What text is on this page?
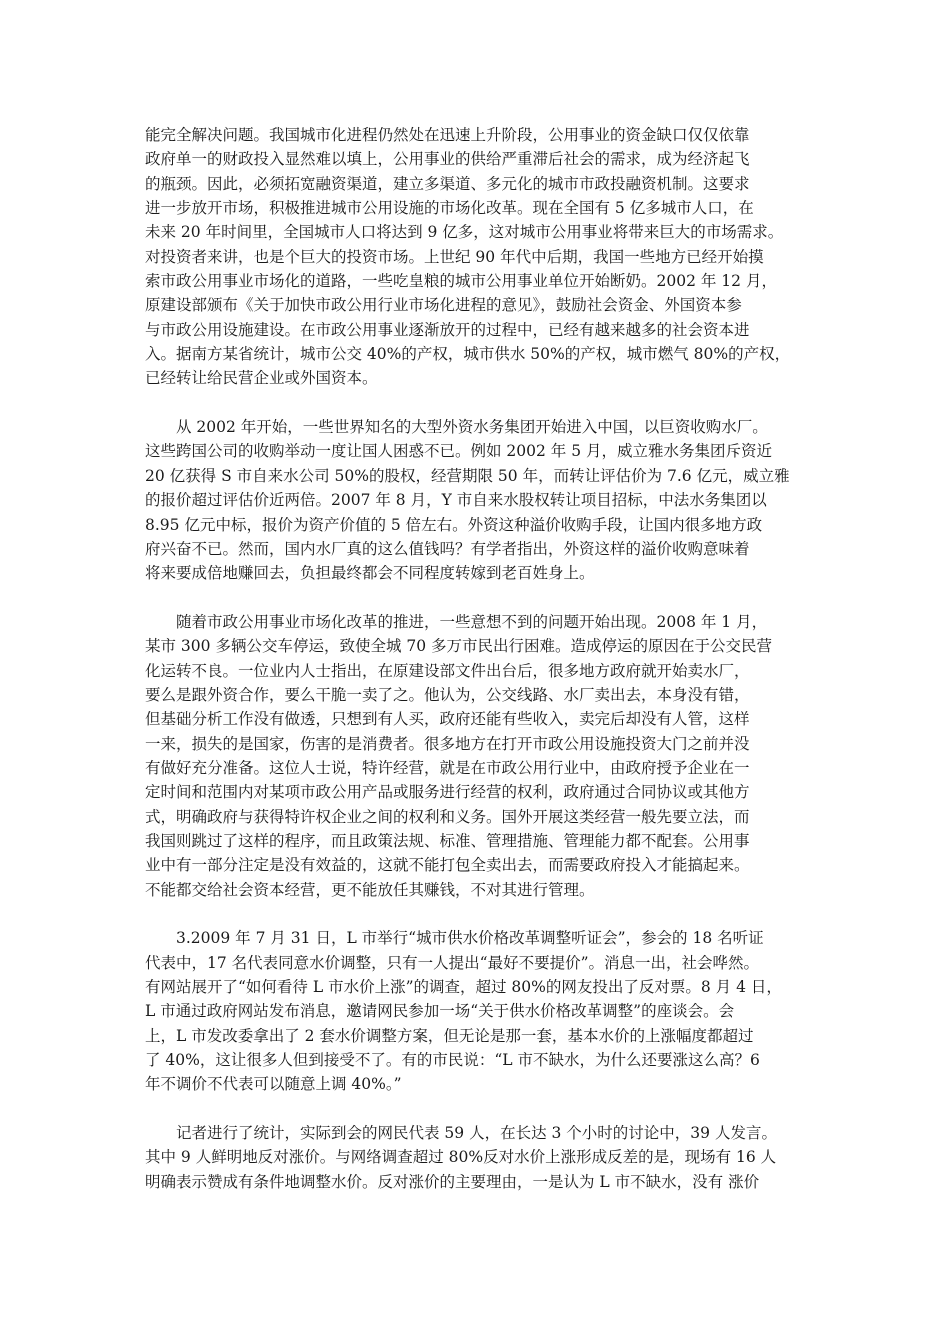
能完全解决问题。我国城市化进程仍然处在迅速上升阶段，公用事业的资金缺口仅仅依靠
政府单一的财政投入显然难以填上，公用事业的供给严重滞后社会的需求，成为经济起飞
的瓶颈。因此，必须拓宽融资渠道，建立多渠道、多元化的城市市政投融资机制。这要求
进一步放开市场，积极推进城市公用设施的市场化改革。现在全国有 5 亿多城市人口，在
未来 20 年时间里，全国城市人口将达到 9 亿多，这对城市公用事业将带来巨大的市场需求。
对投资者来讲，也是个巨大的投资市场。上世纪 90 年代中后期，我国一些地方已经开始摸
索市政公用事业市场化的道路，一些吃皇粮的城市公用事业单位开始断奶。2002 年 12 月，
原建设部颁布《关于加快市政公用行业市场化进程的意见》，鼓励社会资金、外国资本参
与市政公用设施建设。在市政公用事业逐渐放开的过程中，已经有越来越多的社会资本进
入。据南方某省统计，城市公交 40%的产权，城市供水 50%的产权，城市燃气 80%的产权，
已经转让给民营企业或外国资本。
　　从 2002 年开始，一些世界知名的大型外资水务集团开始进入中国，以巨资收购水厂。
这些跨国公司的收购举动一度让国人困惑不已。例如 2002 年 5 月，威立雅水务集团斥资近
20 亿获得 S 市自来水公司 50%的股权，经营期限 50 年，而转让评估价为 7.6 亿元，威立雅
的报价超过评估价近两倍。2007 年 8 月，Y 市自来水股权转让项目招标，中法水务集团以
8.95 亿元中标，报价为资产价值的 5 倍左右。外资这种溢价收购手段，让国内很多地方政
府兴奋不已。然而，国内水厂真的这么值钱吗？有学者指出，外资这样的溢价收购意味着
将来要成倍地赚回去，负担最终都会不同程度转嫁到老百姓身上。
　　随着市政公用事业市场化改革的推进，一些意想不到的问题开始出现。2008 年 1 月，
某市 300 多辆公交车停运，致使全城 70 多万市民出行困难。造成停运的原因在于公交民营
化运转不良。一位业内人士指出，在原建设部文件出台后，很多地方政府就开始卖水厂，
要么是跟外资合作，要么干脆一卖了之。他认为，公交线路、水厂卖出去，本身没有错，
但基础分析工作没有做透，只想到有人买，政府还能有些收入，卖完后却没有人管，这样
一来，损失的是国家，伤害的是消费者。很多地方在打开市政公用设施投资大门之前并没
有做好充分准备。这位人士说，特许经营，就是在市政公用行业中，由政府授予企业在一
定时间和范围内对某项市政公用产品或服务进行经营的权利，政府通过合同协议或其他方
式，明确政府与获得特许权企业之间的权利和义务。国外开展这类经营一般先要立法，而
我国则跳过了这样的程序，而且政策法规、标准、管理措施、管理能力都不配套。公用事
业中有一部分注定是没有效益的，这就不能打包全卖出去，而需要政府投入才能搞起来。
不能都交给社会资本经营，更不能放任其赚钱，不对其进行管理。
　　3.2009 年 7 月 31 日，L 市举行“城市供水价格改革调整听证会”，参会的 18 名听证
代表中，17 名代表同意水价调整，只有一人提出“最好不要提价”。消息一出，社会哗然。
有网站展开了“如何看待 L 市水价上涨”的调查，超过 80%的网友投出了反对票。8 月 4 日，
L 市通过政府网站发布消息，邀请网民参加一场“关于供水价格改革调整”的座谈会。会
上，L 市发改委拿出了 2 套水价调整方案，但无论是那一套，基本水价的上涨幅度都超过
了 40%，这让很多人但到接受不了。有的市民说：“L 市不缺水，为什么还要涨这么高？6
年不调价不代表可以随意上调 40%。”
　　记者进行了统计，实际到会的网民代表 59 人，在长达 3 个小时的讨论中，39 人发言。
其中 9 人鲜明地反对涨价。与网络调查超过 80%反对水价上涨形成反差的是，现场有 16 人
明确表示赞成有条件地调整水价。反对涨价的主要理由，一是认为 L 市不缺水，没有 涨价
